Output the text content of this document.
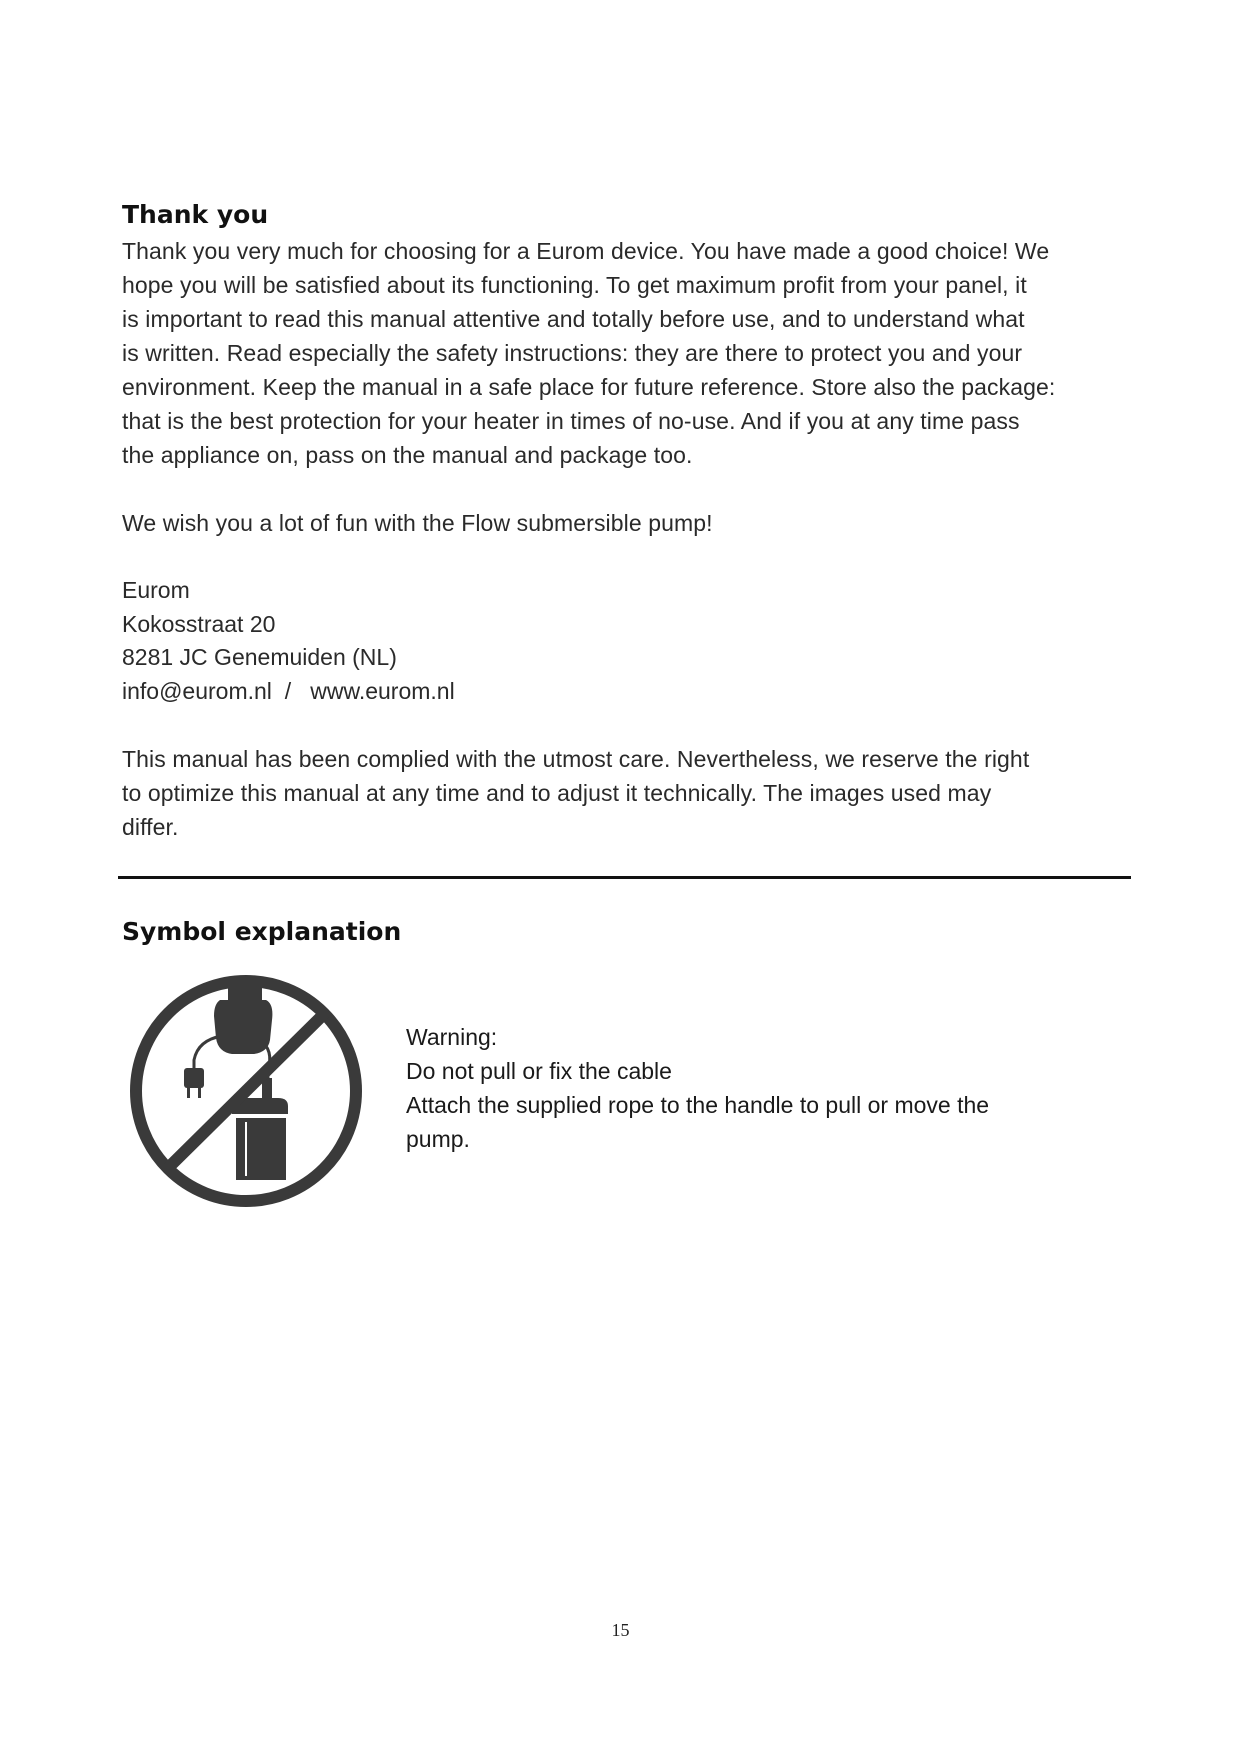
Thank you
Thank you very much for choosing for a Eurom device. You have made a good choice! We
hope you will be satisfied about its functioning. To get maximum profit from your panel, it
is important to read this manual attentive and totally before use, and to understand what
is written. Read especially the safety instructions: they are there to protect you and your
environment. Keep the manual in a safe place for future reference. Store also the package:
that is the best protection for your heater in times of no-use. And if you at any time pass
the appliance on, pass on the manual and package too.
We wish you a lot of fun with the Flow submersible pump!
Eurom
Kokosstraat 20
8281 JC Genemuiden (NL)
info@eurom.nl  /   www.eurom.nl
This manual has been complied with the utmost care. Nevertheless, we reserve the right
to optimize this manual at any time and to adjust it technically. The images used may
differ.
Symbol explanation
Warning:
Do not pull or fix the cable
Attach the supplied rope to the handle to pull or move the
pump.
15
